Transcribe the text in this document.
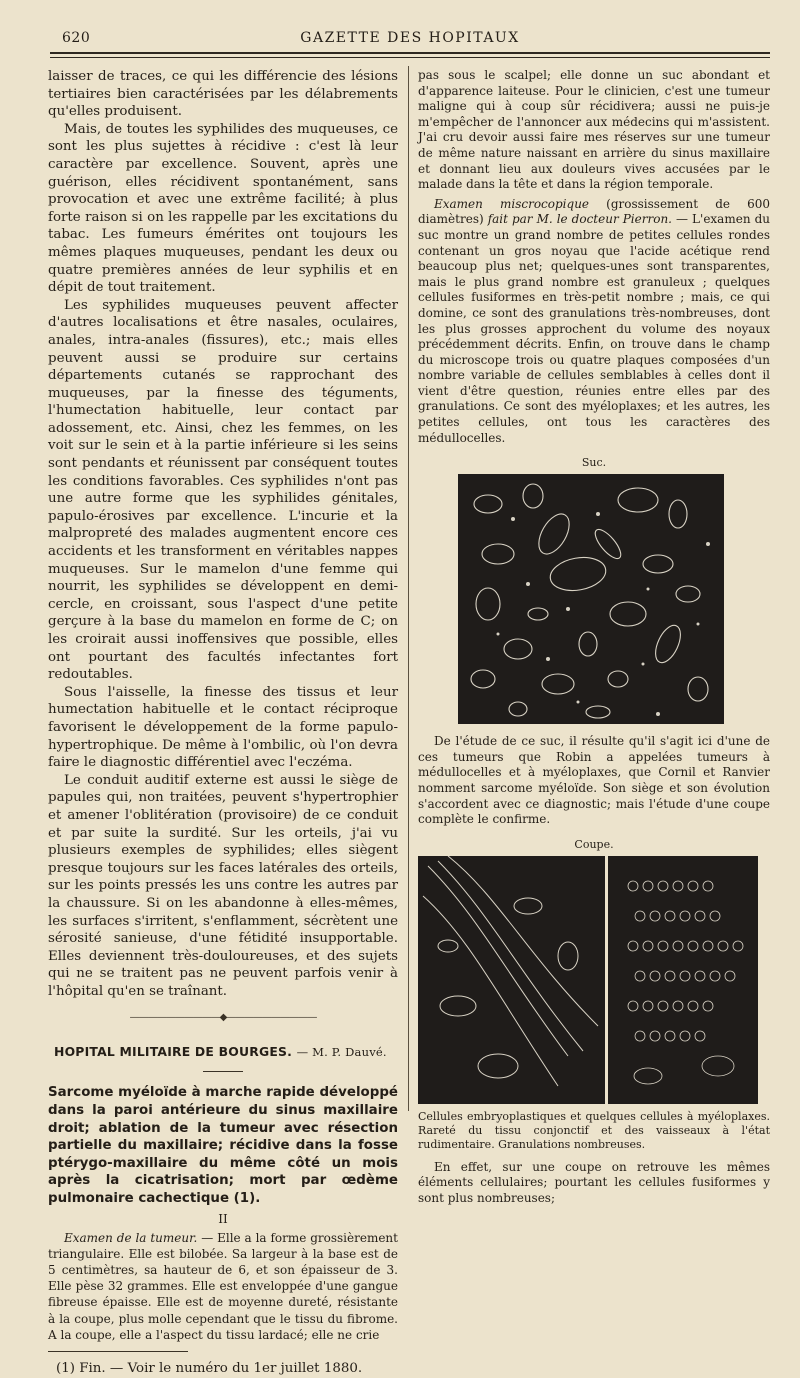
620	GAZETTE DES HOPITAUX

laisser de traces, ce qui les différencie des lésions tertiaires bien caractérisées par les délabrements qu'elles produisent.

Mais, de toutes les syphilides des muqueuses, ce sont les plus sujettes à récidive : c'est là leur caractère par excellence. Souvent, après une guérison, elles récidivent spontanément, sans provocation et avec une extrême facilité; à plus forte raison si on les rappelle par les excitations du tabac. Les fumeurs émérites ont toujours les mêmes plaques muqueuses, pendant les deux ou quatre premières années de leur syphilis et en dépit de tout traitement.

Les syphilides muqueuses peuvent affecter d'autres localisations et être nasales, oculaires, anales, intra-anales (fissures), etc.; mais elles peuvent aussi se produire sur certains départements cutanés se rapprochant des muqueuses, par la finesse des téguments, l'humectation habituelle, leur contact par adossement, etc. Ainsi, chez les femmes, on les voit sur le sein et à la partie inférieure si les seins sont pendants et réunissent par conséquent toutes les conditions favorables. Ces syphilides n'ont pas une autre forme que les syphilides génitales, papulo-érosives par excellence. L'incurie et la malpropreté des malades augmentent encore ces accidents et les transforment en véritables nappes muqueuses. Sur le mamelon d'une femme qui nourrit, les syphilides se développent en demi-cercle, en croissant, sous l'aspect d'une petite gerçure à la base du mamelon en forme de C; on les croirait aussi inoffensives que possible, elles ont pourtant des facultés infectantes fort redoutables.

Sous l'aisselle, la finesse des tissus et leur humectation habituelle et le contact réciproque favorisent le développement de la forme papulo-hypertrophique. De même à l'ombilic, où l'on devra faire le diagnostic différentiel avec l'eczéma.

Le conduit auditif externe est aussi le siège de papules qui, non traitées, peuvent s'hypertrophier et amener l'oblitération (provisoire) de ce conduit et par suite la surdité. Sur les orteils, j'ai vu plusieurs exemples de syphilides; elles siègent presque toujours sur les faces latérales des orteils, sur les points pressés les uns contre les autres par la chaussure. Si on les abandonne à elles-mêmes, les surfaces s'irritent, s'enflamment, sécrètent une sérosité sanieuse, d'une fétidité insupportable. Elles deviennent très-douloureuses, et des sujets qui ne se traitent pas ne peuvent parfois venir à l'hôpital qu'en se traînant.

——————————◆——————————
HOPITAL MILITAIRE DE BOURGES. — M. P. Dauvé.

Sarcome myéloïde à marche rapide développé dans la paroi antérieure du sinus maxillaire droit; ablation de la tumeur avec résection partielle du maxillaire; récidive dans la fosse ptérygo-maxillaire du même côté un mois après la cicatrisation; mort par œdème pulmonaire cachectique (1).

II

Examen de la tumeur. — Elle a la forme grossièrement triangulaire. Elle est bilobée. Sa largeur à la base est de 5 centimètres, sa hauteur de 6, et son épaisseur de 3. Elle pèse 32 grammes. Elle est enveloppée d'une gangue fibreuse épaisse. Elle est de moyenne dureté, résistante à la coupe, plus molle cependant que le tissu du fibrome. A la coupe, elle a l'aspect du tissu lardacé; elle ne crie

(1) Fin. — Voir le numéro du 1er juillet 1880.

pas sous le scalpel; elle donne un suc abondant et d'apparence laiteuse. Pour le clinicien, c'est une tumeur maligne qui à coup sûr récidivera; aussi ne puis-je m'empêcher de l'annoncer aux médecins qui m'assistent. J'ai cru devoir aussi faire mes réserves sur une tumeur de même nature naissant en arrière du sinus maxillaire et donnant lieu aux douleurs vives accusées par le malade dans la tête et dans la région temporale.

Examen miscrocopique (grossissement de 600 diamètres) fait par M. le docteur Pierron. — L'examen du suc montre un grand nombre de petites cellules rondes contenant un gros noyau que l'acide acétique rend beaucoup plus net; quelques-unes sont transparentes, mais le plus grand nombre est granuleux ; quelques cellules fusiformes en très-petit nombre ; mais, ce qui domine, ce sont des granulations très-nombreuses, dont les plus grosses approchent du volume des noyaux précédemment décrits. Enfin, on trouve dans le champ du microscope trois ou quatre plaques composées d'un nombre variable de cellules semblables à celles dont il vient d'être question, réunies entre elles par des granulations. Ce sont des myéloplaxes; et les autres, les petites cellules, ont tous les caractères des médullocelles.

Suc.

De l'étude de ce suc, il résulte qu'il s'agit ici d'une de ces tumeurs que Robin a appelées tumeurs à médullocelles et à myéloplaxes, que Cornil et Ranvier nomment sarcome myéloïde. Son siège et son évolution s'accordent avec ce diagnostic; mais l'étude d'une coupe complète le confirme.

Coupe.

Cellules embryoplastiques et quelques cellules à myéloplaxes. Rareté du tissu conjonctif et des vaisseaux à l'état rudimentaire. Granulations nombreuses.

En effet, sur une coupe on retrouve les mêmes éléments cellulaires; pourtant les cellules fusiformes y sont plus nombreuses;
